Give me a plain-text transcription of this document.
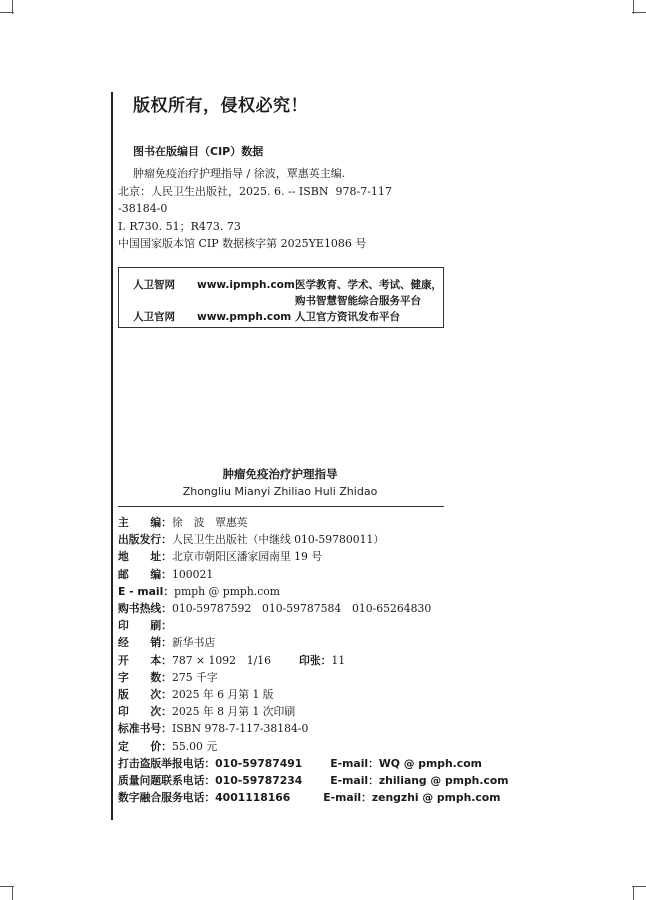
版权所有，侵权必究！
图书在版编目（CIP）数据
肿瘤免疫治疗护理指导 / 徐波，覃惠英主编.
北京：人民卫生出版社，2025. 6. -- ISBN  978-7-117
-38184-0
Ⅰ. R730. 51；R473. 73
中国国家版本馆 CIP 数据核字第 2025YE1086 号
人卫智网 www.ipmph.com医学教育、学术、考试、健康，
购书智慧智能综合服务平台
人卫官网 www.pmph.com 人卫官方资讯发布平台
肿瘤免疫治疗护理指导
Zhongliu Mianyi Zhiliao Huli Zhidao
主　　编： 徐　波　覃惠英
出版发行： 人民卫生出版社（中继线 010-59780011）
地　　址： 北京市朝阳区潘家园南里 19 号
邮　　编： 100021
E - mail： pmph @ pmph.com
购书热线： 010-59787592　010-59787584　010-65264830
印　　刷：
经　　销： 新华书店
开　　本： 787 × 1092　1/16	印张： 11
字　　数： 275 千字
版　　次： 2025 年 6 月第 1 版
印　　次： 2025 年 8 月第 1 次印刷
标准书号： ISBN 978-7-117-38184-0
定　　价： 55.00 元
打击盗版举报电话： 010-59787491	E-mail： WQ @ pmph.com
质量问题联系电话： 010-59787234	E-mail： zhiliang @ pmph.com
数字融合服务电话： 4001118166	E-mail： zengzhi @ pmph.com
